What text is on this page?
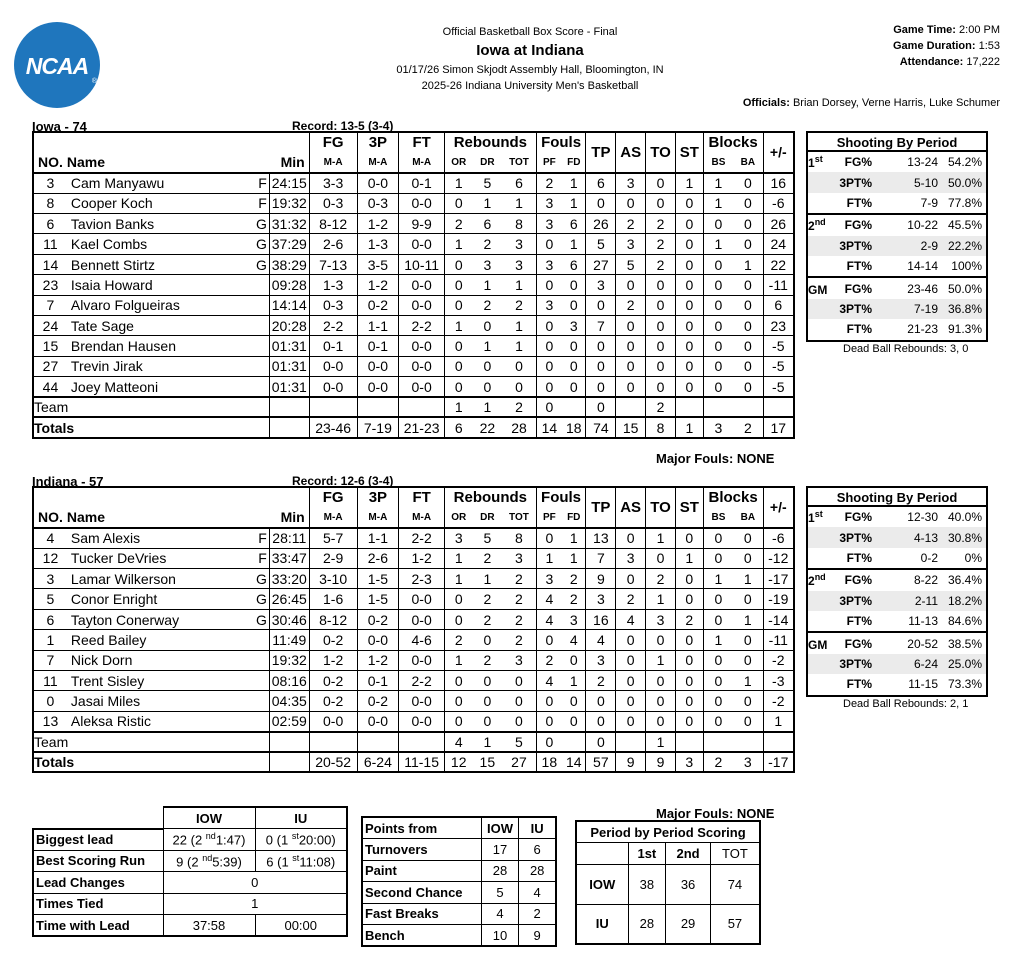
NCAA
®
Official Basketball Box Score - Final
Iowa at Indiana
01/17/26 Simon Skjodt Assembly Hall, Bloomington, IN
2025-26 Indiana University Men's Basketball
Game Time: 2:00 PM
Game Duration: 1:53
Attendance: 17,222
Officials: Brian Dorsey, Verne Harris, Luke Schumer
Iowa - 74	Record: 13-5 (3-4)
				FG	3P	FT	Rebounds			Fouls		TP	AS	TO	ST	Blocks		+/-
NO.	Name		Min	M-A	M-A	M-A	OR	DR	TOT	PF	FD					BS	BA	
3	Cam Manyawu	F	24:15	3-3	0-0	0-1	1	5	6	2	1	6	3	0	1	1	0	16
8	Cooper Koch	F	19:32	0-3	0-3	0-0	0	1	1	3	1	0	0	0	0	1	0	-6
6	Tavion Banks	G	31:32	8-12	1-2	9-9	2	6	8	3	6	26	2	2	0	0	0	26
11	Kael Combs	G	37:29	2-6	1-3	0-0	1	2	3	0	1	5	3	2	0	1	0	24
14	Bennett Stirtz	G	38:29	7-13	3-5	10-11	0	3	3	3	6	27	5	2	0	0	1	22
23	Isaia Howard		09:28	1-3	1-2	0-0	0	1	1	0	0	3	0	0	0	0	0	-11
7	Alvaro Folgueiras		14:14	0-3	0-2	0-0	0	2	2	3	0	0	2	0	0	0	0	6
24	Tate Sage		20:28	2-2	1-1	2-2	1	0	1	0	3	7	0	0	0	0	0	23
15	Brendan Hausen		01:31	0-1	0-1	0-0	0	1	1	0	0	0	0	0	0	0	0	-5
27	Trevin Jirak		01:31	0-0	0-0	0-0	0	0	0	0	0	0	0	0	0	0	0	-5
44	Joey Matteoni		01:31	0-0	0-0	0-0	0	0	0	0	0	0	0	0	0	0	0	-5
Team							1	1	2	0		0		2				
Totals				23-46	7-19	21-23	6	22	28	14	18	74	15	8	1	3	2	17
Shooting By Period
1st	FG%	13-24 54.2%
3PT%	5-10 50.0%
FT%	7-9 77.8%
2nd	FG%	10-22 45.5%
3PT%	2-9 22.2%
FT%	14-14	100%
GM	FG%	23-46 50.0%
3PT%	7-19 36.8%
FT%	21-23 91.3%
Dead Ball Rebounds: 3, 0
Major Fouls: NONE
Indiana - 57	Record: 12-6 (3-4)
				FG	3P	FT	Rebounds			Fouls		TP	AS	TO	ST	Blocks		+/-
NO.	Name		Min	M-A	M-A	M-A	OR	DR	TOT	PF	FD					BS	BA	
4	Sam Alexis	F	28:11	5-7	1-1	2-2	3	5	8	0	1	13	0	1	0	0	0	-6
12	Tucker DeVries	F	33:47	2-9	2-6	1-2	1	2	3	1	1	7	3	0	1	0	0	-12
3	Lamar Wilkerson	G	33:20	3-10	1-5	2-3	1	1	2	3	2	9	0	2	0	1	1	-17
5	Conor Enright	G	26:45	1-6	1-5	0-0	0	2	2	4	2	3	2	1	0	0	0	-19
6	Tayton Conerway	G	30:46	8-12	0-2	0-0	0	2	2	4	3	16	4	3	2	0	1	-14
1	Reed Bailey		11:49	0-2	0-0	4-6	2	0	2	0	4	4	0	0	0	1	0	-11
7	Nick Dorn		19:32	1-2	1-2	0-0	1	2	3	2	0	3	0	1	0	0	0	-2
11	Trent Sisley		08:16	0-2	0-1	2-2	0	0	0	4	1	2	0	0	0	0	1	-3
0	Jasai Miles		04:35	0-2	0-2	0-0	0	0	0	0	0	0	0	0	0	0	0	-2
13	Aleksa Ristic		02:59	0-0	0-0	0-0	0	0	0	0	0	0	0	0	0	0	0	1
Team							4	1	5	0		0		1				
Totals				20-52	6-24	11-15	12	15	27	18	14	57	9	9	3	2	3	-17
Shooting By Period
1st	FG%	12-30 40.0%
3PT%	4-13 30.8%
FT%	0-2	0%
2nd	FG%	8-22 36.4%
3PT%	2-11 18.2%
FT%	11-13 84.6%
GM	FG%	20-52 38.5%
3PT%	6-24 25.0%
FT%	11-15 73.3%
Dead Ball Rebounds: 2, 1
Major Fouls: NONE
	IOW	IU
Biggest lead	22 (2 $^{nd}$1:47)	0 (1 $^{st}$20:00)
Best Scoring Run	9 (2 $^{nd}$5:39)	6 (1 $^{st}$11:08)
Lead Changes	0	
Times Tied	1	
Time with Lead	37:58	00:00
Points from	IOW	IU
Turnovers	17	6
Paint	28	28
Second Chance	5	4
Fast Breaks	4	2
Bench	10	9
Period by Period Scoring			
	1st	2nd	TOT
IOW	38	36	74
IU	28	29	57
